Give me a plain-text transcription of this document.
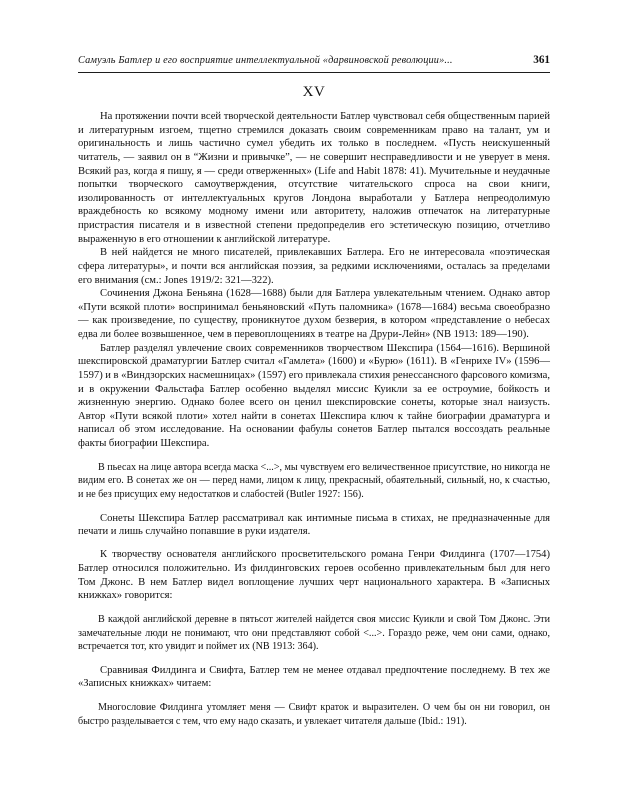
Самуэль Батлер и его восприятие интеллектуальной «дарвиновской революции»...	361
XV

На протяжении почти всей творческой деятельности Батлер чувствовал себя общественным парией и литературным изгоем, тщетно стремился доказать своим современникам право на талант, ум и оригинальность и лишь частично сумел убедить их только в последнем. «Пусть неискушенный читатель, — заявил он в “Жизни и привычке”, — не совершит несправедливости и не уверует в меня. Всякий раз, когда я пишу, я — среди отверженных» (Life and Habit 1878: 41). Мучительные и неудачные попытки творческого самоутверждения, отсутствие читательского спроса на свои книги, изолированность от интеллектуальных кругов Лондона выработали у Батлера непреодолимую враждебность ко всякому модному имени или авторитету, наложив отпечаток на литературные пристрастия писателя и в известной степени предопределив его эстетическую позицию, отчетливо выраженную в его отношении к английской литературе.

В ней найдется не много писателей, привлекавших Батлера. Его не интересовала «поэтическая сфера литературы», и почти вся английская поэзия, за редкими исключениями, осталась за пределами его внимания (см.: Jones 1919/2: 321—322).

Сочинения Джона Беньяна (1628—1688) были для Батлера увлекательным чтением. Однако автор «Пути всякой плоти» воспринимал беньяновский «Путь паломника» (1678—1684) весьма своеобразно — как произведение, по существу, проникнутое духом безверия, в котором «представление о небесах едва ли более возвышенное, чем в перевоплощениях в театре на Друри-Лейн» (NB 1913: 189—190).

Батлер разделял увлечение своих современников творчеством Шекспира (1564—1616). Вершиной шекспировской драматургии Батлер считал «Гамлета» (1600) и «Бурю» (1611). В «Генрихе IV» (1596—1597) и в «Виндзорских насмешницах» (1597) его привлекала стихия ренессансного фарсового комизма, и в окружении Фальстафа Батлер особенно выделял миссис Куикли за ее остроумие, бойкость и жизненную энергию. Однако более всего он ценил шекспировские сонеты, которые знал наизусть. Автор «Пути всякой плоти» хотел найти в сонетах Шекспира ключ к тайне биографии драматурга и написал об этом исследование. На основании фабулы сонетов Батлер пытался воссоздать реальные факты биографии Шекспира.

В пьесах на лице автора всегда маска <...>, мы чувствуем его величественное присутствие, но никогда не видим его. В сонетах же он — перед нами, лицом к лицу, прекрасный, обаятельный, сильный, но, к счастью, и не без присущих ему недостатков и слабостей (Butler 1927: 156).

Сонеты Шекспира Батлер рассматривал как интимные письма в стихах, не предназначенные для печати и лишь случайно попавшие в руки издателя.

К творчеству основателя английского просветительского романа Генри Филдинга (1707—1754) Батлер относился положительно. Из филдинговских героев особенно привлекательным был для него Том Джонс. В нем Батлер видел воплощение лучших черт национального характера. В «Записных книжках» говорится:

В каждой английской деревне в пятьсот жителей найдется своя миссис Куикли и свой Том Джонс. Эти замечательные люди не понимают, что они представляют собой <...>. Гораздо реже, чем они сами, однако, встречается тот, кто увидит и поймет их (NB 1913: 364).

Сравнивая Филдинга и Свифта, Батлер тем не менее отдавал предпочтение последнему. В тех же «Записных книжках» читаем:

Многословие Филдинга утомляет меня — Свифт краток и выразителен. О чем бы он ни говорил, он быстро разделывается с тем, что ему надо сказать, и увлекает читателя дальше (Ibid.: 191).
